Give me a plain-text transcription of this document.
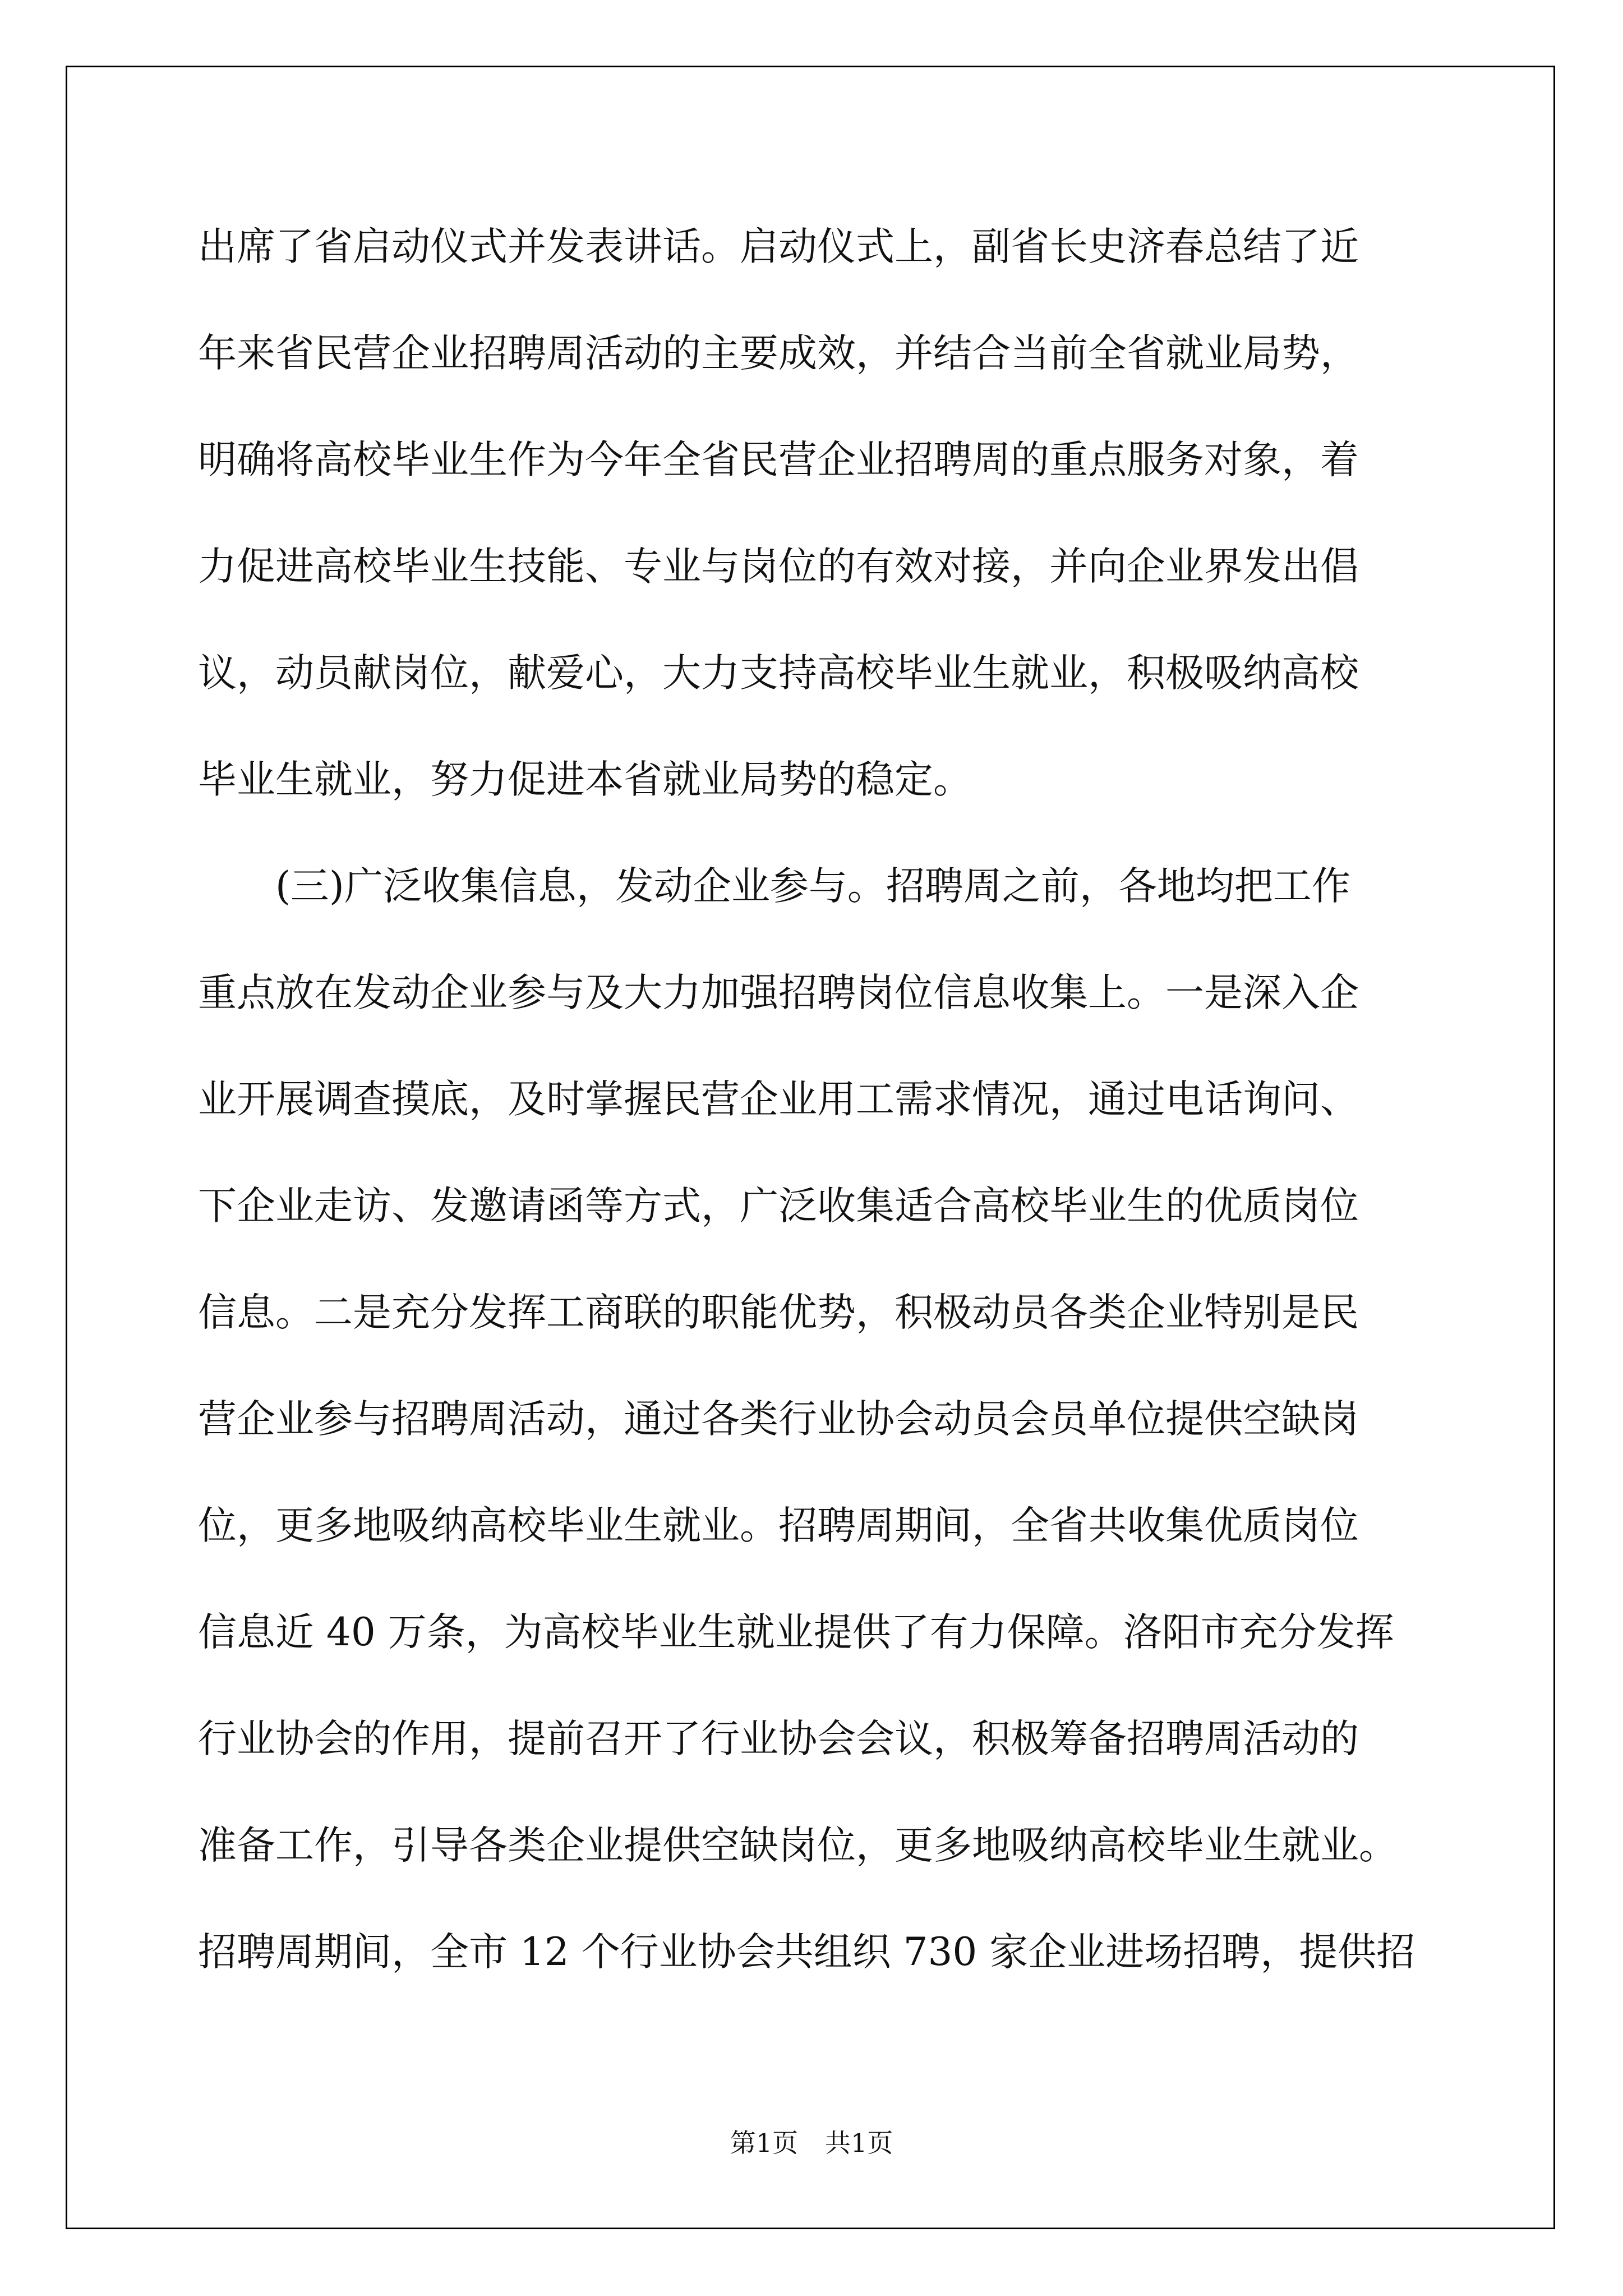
出席了省启动仪式并发表讲话。启动仪式上，副省长史济春总结了近
年来省民营企业招聘周活动的主要成效，并结合当前全省就业局势，
明确将高校毕业生作为今年全省民营企业招聘周的重点服务对象，着
力促进高校毕业生技能、专业与岗位的有效对接，并向企业界发出倡
议，动员献岗位，献爱心，大力支持高校毕业生就业，积极吸纳高校
毕业生就业，努力促进本省就业局势的稳定。
(三)广泛收集信息，发动企业参与。招聘周之前，各地均把工作
重点放在发动企业参与及大力加强招聘岗位信息收集上。一是深入企
业开展调查摸底，及时掌握民营企业用工需求情况，通过电话询问、
下企业走访、发邀请函等方式，广泛收集适合高校毕业生的优质岗位
信息。二是充分发挥工商联的职能优势，积极动员各类企业特别是民
营企业参与招聘周活动，通过各类行业协会动员会员单位提供空缺岗
位，更多地吸纳高校毕业生就业。招聘周期间，全省共收集优质岗位
信息近 40 万条，为高校毕业生就业提供了有力保障。洛阳市充分发挥
行业协会的作用，提前召开了行业协会会议，积极筹备招聘周活动的
准备工作，引导各类企业提供空缺岗位，更多地吸纳高校毕业生就业。
招聘周期间，全市 12 个行业协会共组织 730 家企业进场招聘，提供招
第1页 共1页
